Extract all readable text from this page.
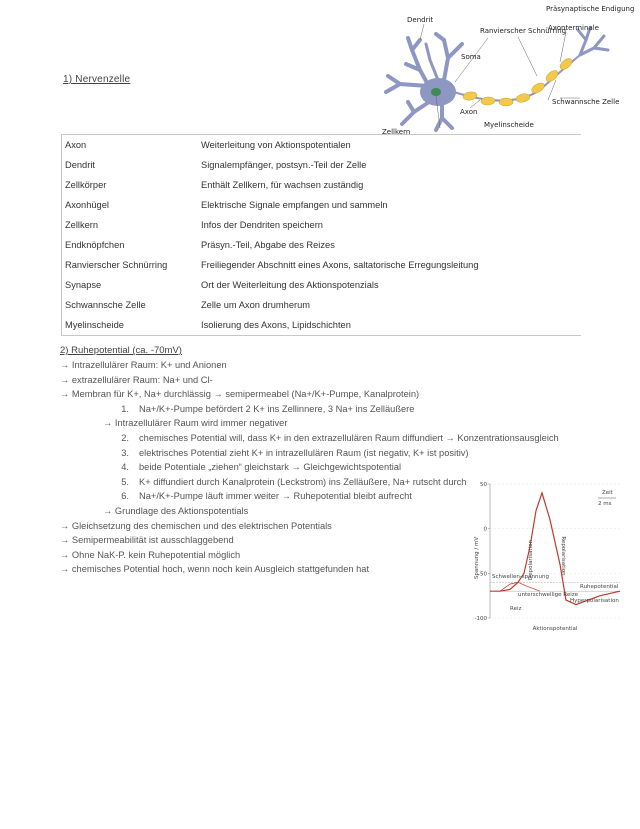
Dendrit
Präsynaptische Endigung
Ranvierscher Schnürring
Axonterminale
Soma
Axon
Schwannsche Zelle
Myelinscheide
Zellkern
1) Nervenzelle
Axon	Weiterleitung von Aktionspotentialen
Dendrit	Signalempfänger, postsyn.-Teil der Zelle
Zellkörper	Enthält Zellkern, für wachsen zuständig
Axonhügel	Elektrische Signale empfangen und sammeln
Zellkern	Infos der Dendriten speichern
Endknöpfchen	Präsyn.-Teil, Abgabe des Reizes
Ranvierscher Schnürring	Freiliegender Abschnitt eines Axons, saltatorische Erregungsleitung
Synapse	Ort der Weiterleitung des Aktionspotenzials
Schwannsche Zelle	Zelle um Axon drumherum
Myelinscheide	Isolierung des Axons, Lipidschichten
2) Ruhepotential (ca. -70mV)
→ Intrazellulärer Raum: K+ und Anionen
→ extrazellulärer Raum: Na+ und Cl-
→ Membran für K+, Na+ durchlässig → semipermeabel (Na+/K+-Pumpe, Kanalprotein)
1. Na+/K+-Pumpe befördert 2 K+ ins Zellinnere, 3 Na+ ins Zelläußere
→ Intrazellulärer Raum wird immer negativer
2. chemisches Potential will, dass K+ in den extrazellulären Raum diffundiert → Konzentrationsausgleich
3. elektrisches Potential zieht K+ in intrazellulären Raum (ist negativ, K+ ist positiv)
4. beide Potentiale „ziehen“ gleichstark → Gleichgewichtspotential
5. K+ diffundiert durch Kanalprotein (Leckstrom) ins Zelläußere, Na+ rutscht durch
6. Na+/K+-Pumpe läuft immer weiter → Ruhepotential bleibt aufrecht
→ Grundlage des Aktionspotentials
→ Gleichsetzung des chemischen und des elektrischen Potentials
→ Semipermeabilität ist ausschlaggebend
→ Ohne NaK-P. kein Ruhepotential möglich
→ chemisches Potential hoch, wenn noch kein Ausgleich stattgefunden hat
50
0
-50
-100
Zeit
2 ms
Spannung / mV
Aktionspotential
Depolarisation	Repolarisation
Ruhepotential
Schwellen-spannung
Hyperpolarisation
Reiz
unterschwellige Reize
